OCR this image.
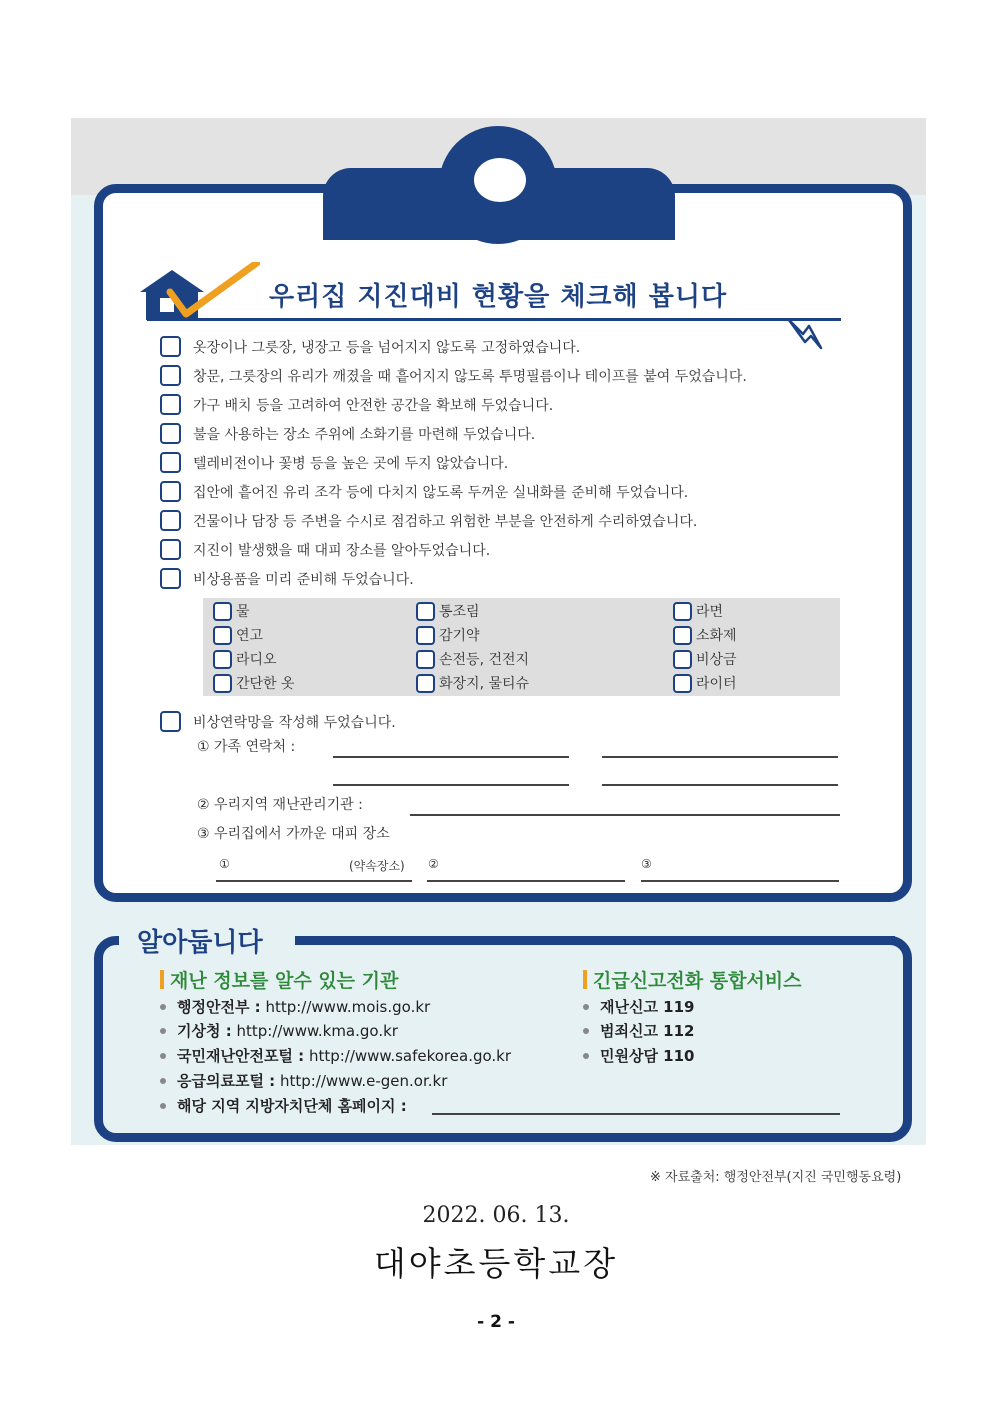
우리집 지진대비 현황을 체크해 봅니다
옷장이나 그릇장, 냉장고 등을 넘어지지 않도록 고정하였습니다.
창문, 그릇장의 유리가 깨졌을 때 흩어지지 않도록 투명필름이나 테이프를 붙여 두었습니다.
가구 배치 등을 고려하여 안전한 공간을 확보해 두었습니다.
불을 사용하는 장소 주위에 소화기를 마련해 두었습니다.
텔레비전이나 꽃병 등을 높은 곳에 두지 않았습니다.
집안에 흩어진 유리 조각 등에 다치지 않도록 두꺼운 실내화를 준비해 두었습니다.
건물이나 담장 등 주변을 수시로 점검하고 위험한 부분을 안전하게 수리하였습니다.
지진이 발생했을 때 대피 장소를 알아두었습니다.
비상용품을 미리 준비해 두었습니다.
물	통조림	라면
연고	감기약	소화제
라디오	손전등, 건전지	비상금
간단한 옷	화장지, 물티슈	라이터
비상연락망을 작성해 두었습니다.
① 가족 연락처 :
② 우리지역 재난관리기관 :
③ 우리집에서 가까운 대피 장소
①	(약속장소) ②	③
알아둡니다
재난 정보를 알수 있는 기관	긴급신고전화 통합서비스
행정안전부 :
http://www.mois.go.kr
기상청 :
http://www.kma.go.kr
국민재난안전포털 :
http://www.safekorea.go.kr
응급의료포털 :
http://www.e-gen.or.kr
해당 지역 지방자치단체 홈페이지 :
재난신고 119
범죄신고 112
민원상담 110
※ 자료출처: 행정안전부(지진 국민행동요령)
2022. 06. 13.
대야초등학교장
- 2 -
